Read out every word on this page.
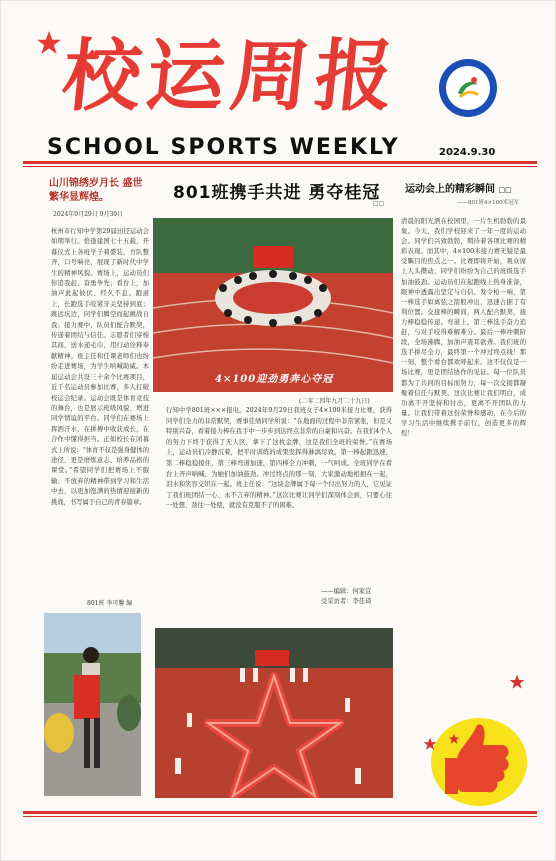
校运周报
SCHOOL SPORTS WEEKLY	2024.9.30
山川锦绣岁月长 盛世繁华显辉煌。
2024年9月29日 9月30日
杭州市行知中学第29届田径运动会如期举行。恰逢建国七十五载，开幕仪式上各班学子着盛装，方队整齐，口号响亮，展现了新时代中学生的精神风貌。赛场上，运动员们你追我赶、奋勇争先；看台上，加油声此起彼伏、经久不息。跑道上，长跑选手咬紧牙关坚持到底；跳远坑边，同学们腾空而起挑战自我；接力赛中，队员们配合默契，传递着团结与信任。志愿者们穿梭其间，送水递毛巾，用行动诠释奉献精神。班主任和任课老师们也纷纷走进赛场，为学生呐喊助威。本届运动会共设三十余个比赛项目，近千名运动员参加比赛，多人打破校运会纪录。运动会既是体育竞技的舞台，也是展示班级风貌、增进同学情谊的平台。同学们在赛场上挥洒汗水，在拼搏中收获成长，在合作中懂得担当。正如校长在闭幕式上所说：“体育不仅是强身健体的途径，更是磨炼意志、培养品格的课堂。”希望同学们把赛场上不服输、不放弃的精神带到学习和生活中去，以更加饱满的热情迎接新的挑战，书写属于自己的青春篇章。
801班 李可馨 编
801班携手共进 勇夺桂冠
□□
4×100迎劲勇奔心夺冠
(二零二四年九月二十九日)
行知中学801班×××报电。2024年9月29日我班女子4×100米接力比赛，获得同学们全力的非常默契，赛事佳绩同学所说：“在地面的过程中非常紧张，但是又特别兴奋，看着接力棒在我手中一步步到达终点非常的自豪和兴奋。在我们4个人的努力下终于获得了无人区，拿下了这枚金牌，这是我们全班的荣誉。”在赛场上，运动员们冷静沉着，把平时训练的成果发挥得淋漓尽致。第一棒起跑迅速，第二棒稳稳接住，第三棒弯道加速，第四棒全力冲刺，一气呵成。全班同学在看台上齐声呐喊，为她们加油鼓劲。冲过终点的那一刻，大家激动地相拥在一起，泪水和笑容交织在一起。班主任说：“这块金牌属于每一个付出努力的人，它见证了我们班团结一心、永不言弃的精神。”这次比赛让同学们深刻体会到，只要心往一处想、劲往一处使，就没有克服不了的困难。
——编辑：何家宜
受采访者：李佳琦
运动会上的精彩瞬间 □□
——801班4×100米冠军
清晨的阳光洒在校园里，一片生机勃勃的景象。今天，我们学校迎来了一年一度的运动会。同学们兴致勃勃，期待着各项比赛的精彩表现。而其中，4×100米接力赛无疑是最受瞩目的焦点之一。比赛即将开始，观众席上人头攒动，同学们纷纷为自己的班级选手加油鼓劲。运动员们在起跑线上热身准备，眼神中透露出坚定与自信。发令枪一响，第一棒选手如离弦之箭般冲出，迅速占据了有利位置。交接棒的瞬间，两人配合默契，接力棒稳稳传递。弯道上，第三棒选手奋力追赶，与对手咬得难解难分。最后一棒冲刺阶段，全场沸腾，加油声震耳欲聋。我们班的选手拼尽全力，最终第一个冲过终点线！那一刻，整个看台都欢呼起来。这不仅仅是一场比赛，更是团结协作的见证。每一位队员都为了共同的目标而努力，每一次交接都凝聚着信任与默契。这次比赛让我们明白，成功离不开坚持和付出，更离不开团队的力量。让我们带着这份荣誉和感动，在今后的学习生活中继续携手前行，创造更多的辉煌！
